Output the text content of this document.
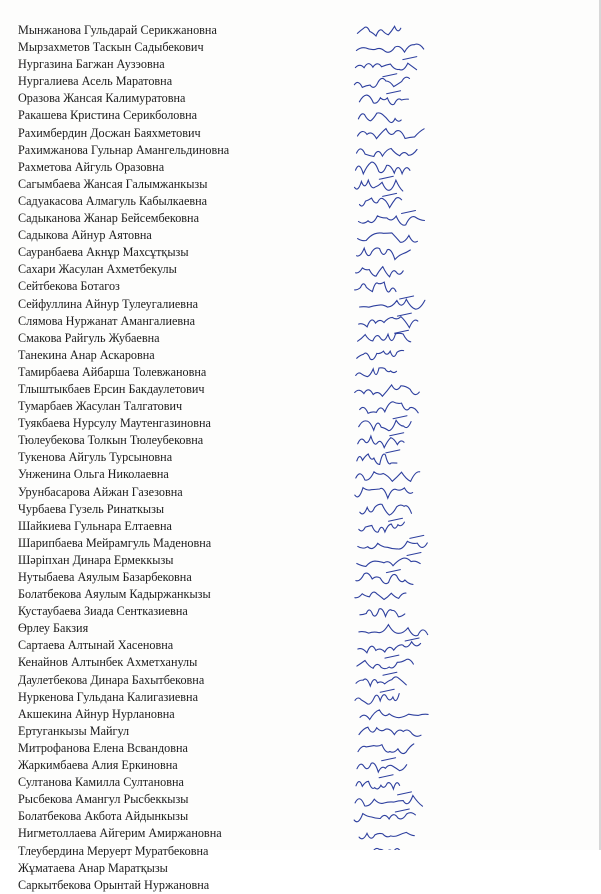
Мынжанова Гульдарай Серикжановна
Мырзахметов Таскын Садыбекович
Нургазина Багжан Аузэовна
Нургалиева Асель Маратовна
Оразова Жансая Калимуратовна
Ракашева Кристина Серикболовна
Рахимбердин Досжан Баяхметович
Рахимжанова Гульнар Амангельдиновна
Рахметова Айгуль Оразовна
Сагымбаева Жансая Галымжанкызы
Садуакасова Алмагуль Кабылкаевна
Садыканова Жанар Бейсембековна
Садыкова Айнур Аятовна
Сауранбаева Акнұр Махсұтқызы
Сахари Жасулан Ахметбекулы
Сейтбекова Ботагоз
Сейфуллина Айнур Тулеугалиевна
Слямова Нуржанат Амангалиевна
Смакова Райгуль Жубаевна
Танекина Анар Аскаровна
Тамирбаева Айбарша Толевжановна
Тлыштыкбаев Ерсин Бакдаулетович
Тумарбаев Жасулан Талгатович
Туякбаева Нурсулу Маутенгазиновна
Тюлеубекова Толкын Тюлеубековна
Тукенова Айгуль Турсыновна
Унженина Ольга Николаевна
Урунбасарова Айжан Газезовна
Чурбаева Гузель Ринаткызы
Шайкиева Гульнара Елтаевна
Шарипбаева Мейрамгуль Маденовна
Шәріпхан Динара Ермеккызы
Нутыбаева Аяулым Базарбековна
Болатбекова Аяулым Кадыржанкызы
Кустаубаева Зиада Сентказиевна
Өрлеу Бакзия
Сартаева Алтынай Хасеновна
Кенайнов Алтынбек Ахметханулы
Даулетбекова Динара Бахытбековна
Нуркенова Гульдана Калигазиевна
Акшекина Айнур Нурлановна
Ертуганкызы Майгул
Митрофанова Елена Всвандовна
Жаркимбаева Алия Еркиновна
Султанова Камилла Султановна
Рысбекова Амангул Рысбеккызы
Болатбекова Акбота Айдынкызы
Нигметоллаева Айгерим Амиржановна
Тлеубердина Меруерт Муратбековна
Жұматаева Анар Маратқызы
Саркытбекова Орынтай Нуржановна
